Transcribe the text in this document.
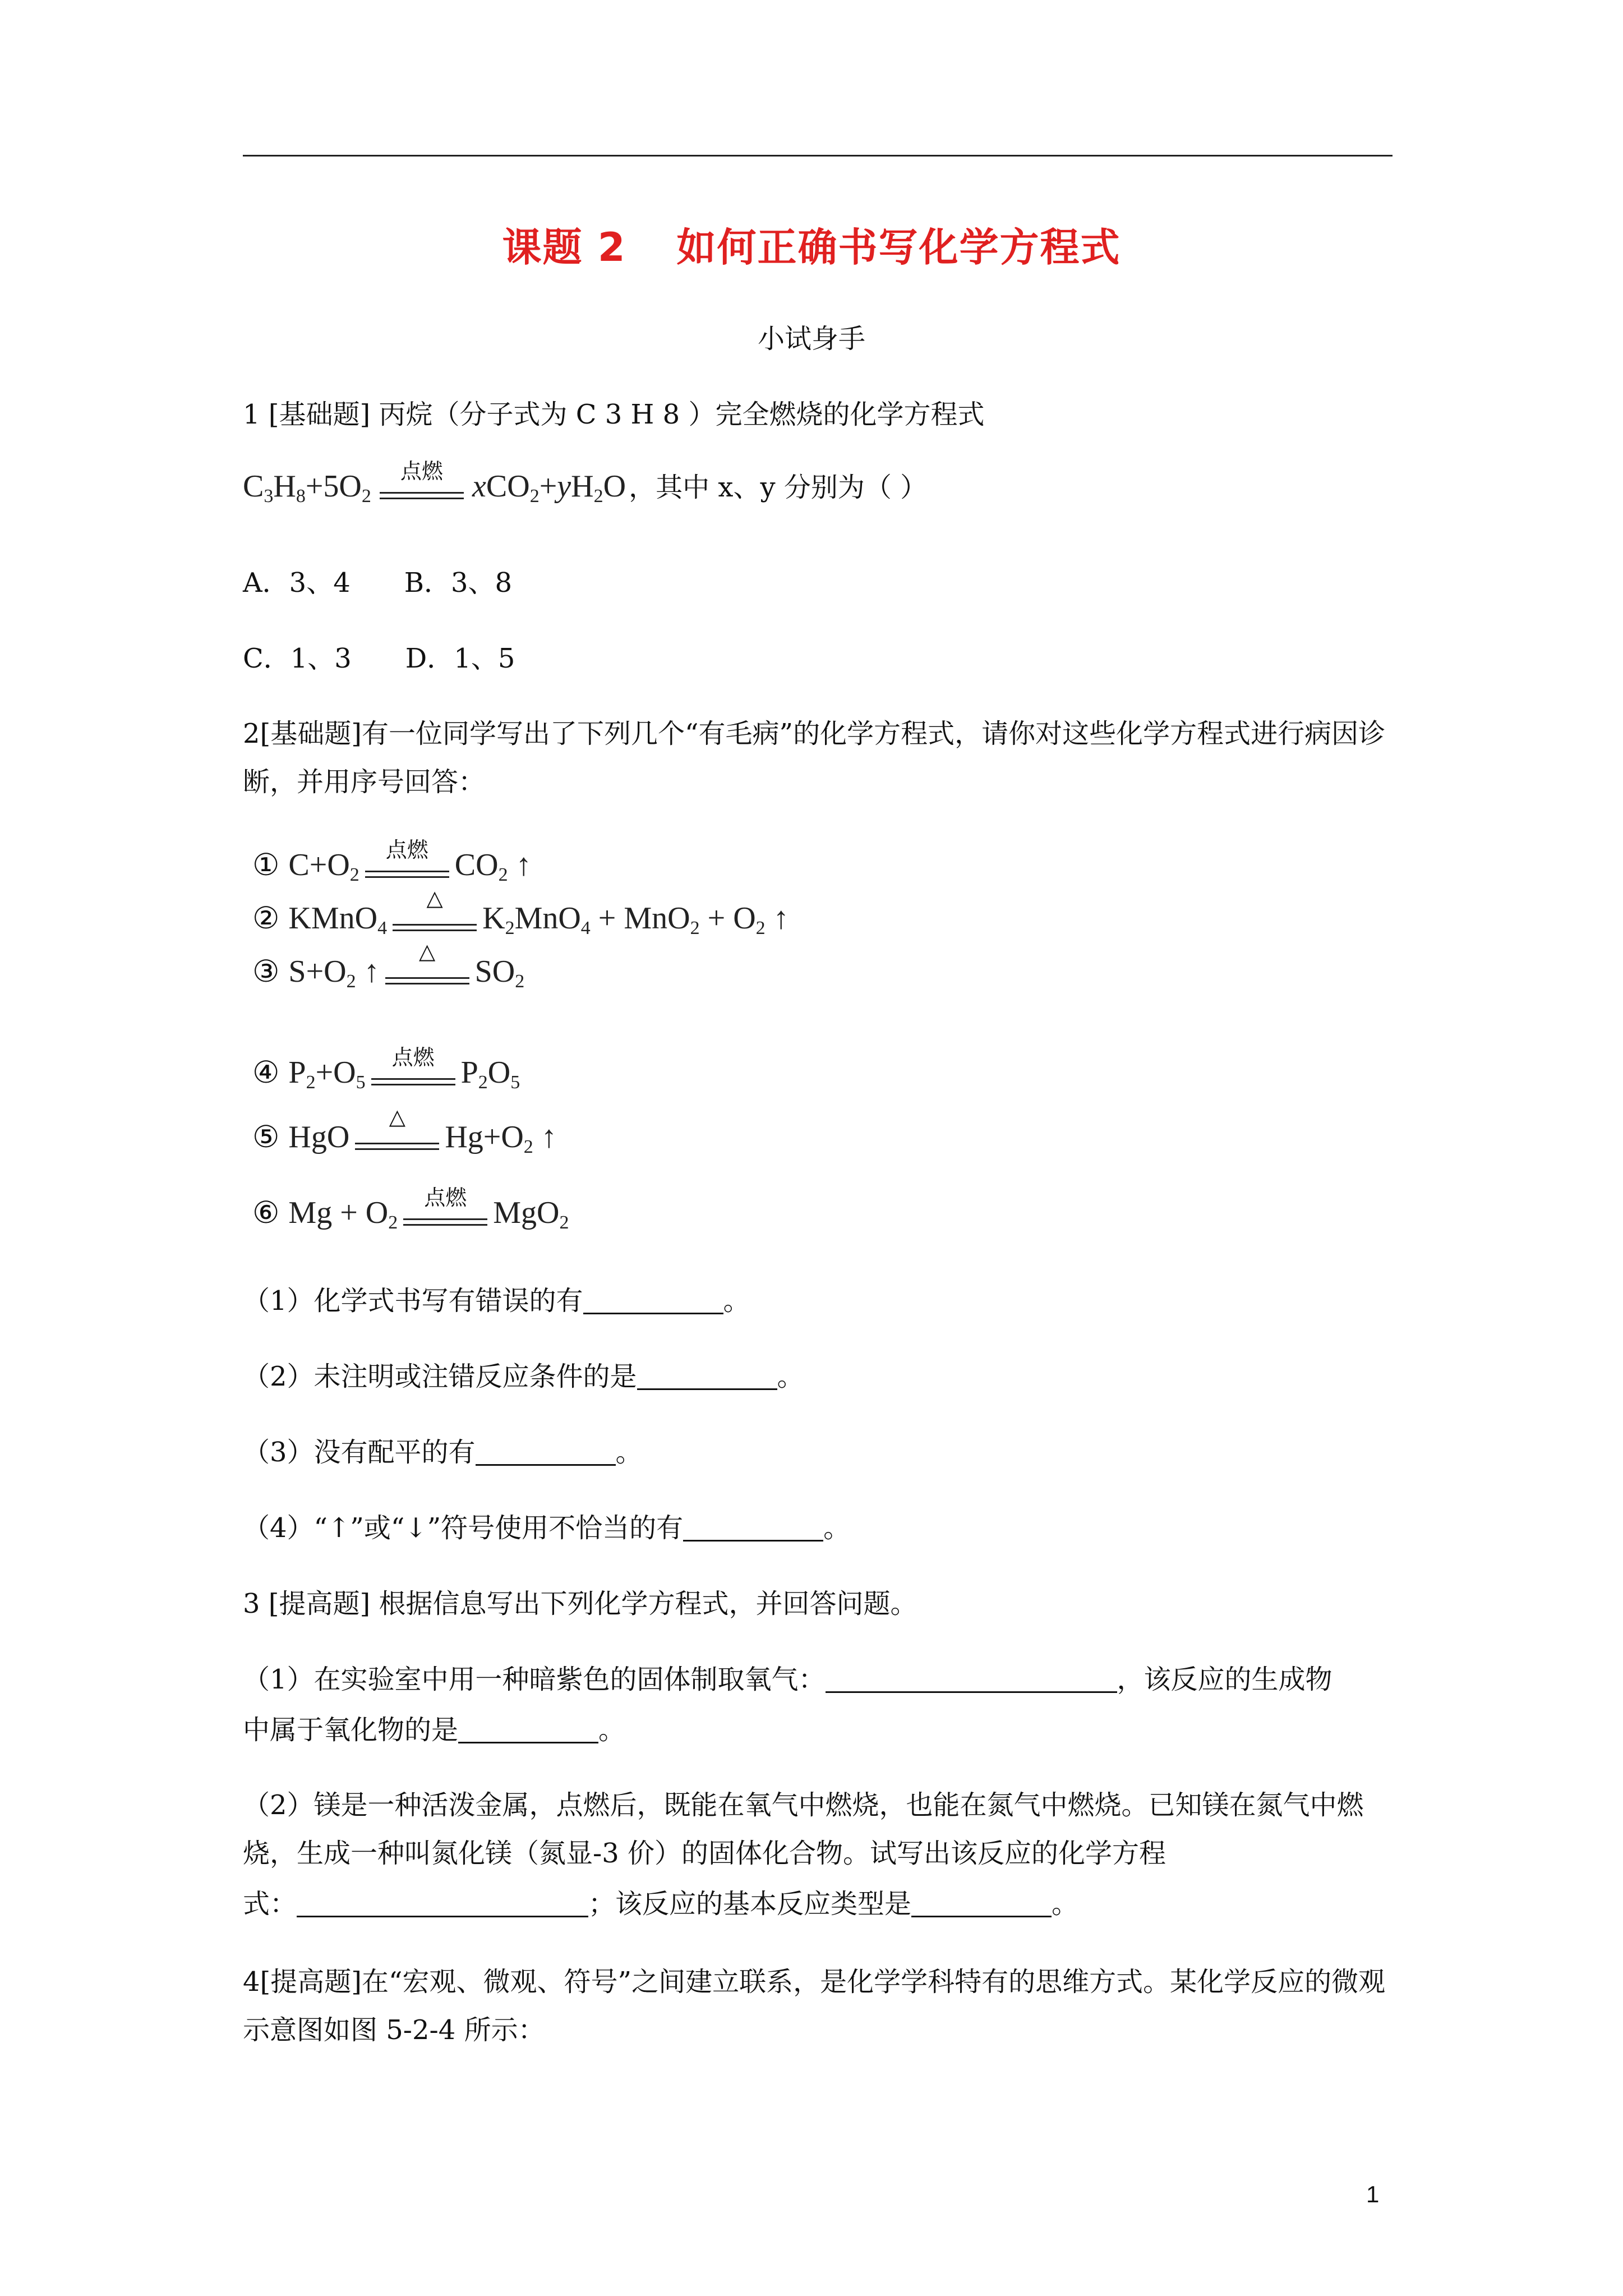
课题 2 如何正确书写化学方程式
小试身手
1 [基础题] 丙烷（分子式为 C 3 H 8 ）完全燃烧的化学方程式
$C_3H_8+5O_2$
点燃 $xCO_2+yH_2O$ ，其中 x、y 分别为（ ）
A．3、4　　B．3、8
C．1、3　　D．1、5
2[基础题]有一位同学写出了下列几个“有毛病”的化学方程式，请你对这些化学方程式进行病因诊断，并用序号回答：
① $C+O_2$
点燃 $CO_2$ ↑
② KMnO$_4$
△
$K_2MnO_4 + MnO_2 + O_2$ ↑
③ $S+O_2$ ↑
△
$SO_2$
④ $P_2+O_5$
点燃 $P_2O_5$
⑤ HgO
△
$Hg+O_2$ ↑
⑥ $Mg + O_2$
点燃 MgO$_2$
（1）化学式书写有错误的有	。
（2）未注明或注错反应条件的是	。
（3）没有配平的有	。
（4）“↑”或“↓”符号使用不恰当的有	。
3 [提高题] 根据信息写出下列化学方程式，并回答问题。
（1）在实验室中用一种暗紫色的固体制取氧气：	，该反应的生成物
中属于氧化物的是	。
（2）镁是一种活泼金属，点燃后，既能在氧气中燃烧，也能在氮气中燃烧。已知镁在氮气中燃烧，生成一种叫氮化镁（氮显-3 价）的固体化合物。试写出该反应的化学方程
式：	；该反应的基本反应类型是	。
4[提高题]在“宏观、微观、符号”之间建立联系，是化学学科特有的思维方式。某化学反应的微观示意图如图 5-2-4 所示：
1
